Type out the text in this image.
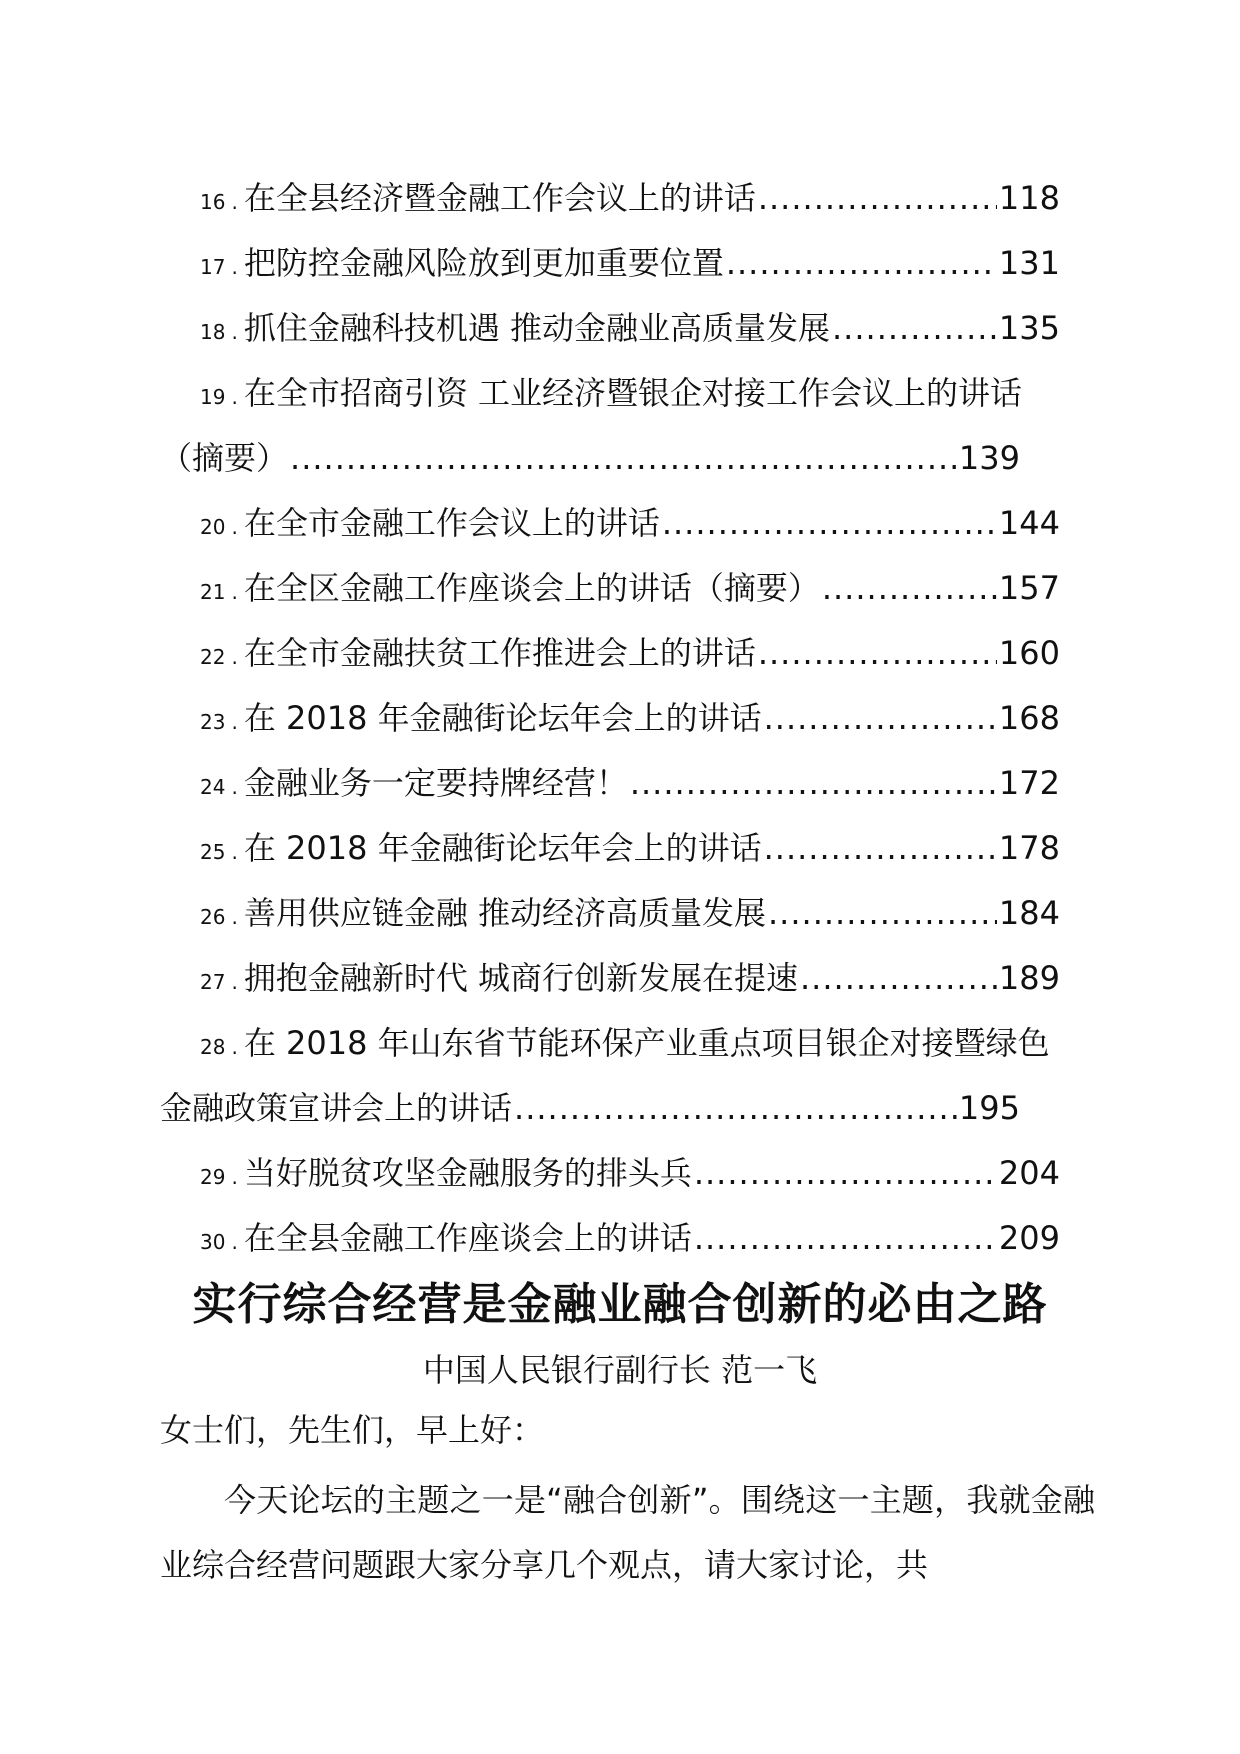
16 . 在全县经济暨金融工作会议上的讲话 .....	118
17 . 把防控金融风险放到更加重要位置 .....	131
18 . 抓住金融科技机遇 推动金融业高质量发展 .....	135
19 . 在全市招商引资 工业经济暨银企对接工作会议上的讲话
（摘要） .....	139
20 . 在全市金融工作会议上的讲话 .....	144
21 . 在全区金融工作座谈会上的讲话（摘要） .....	157
22 . 在全市金融扶贫工作推进会上的讲话 .....	160
23 . 在 2018 年金融街论坛年会上的讲话 .....	168
24 . 金融业务一定要持牌经营！ .....	172
25 . 在 2018 年金融街论坛年会上的讲话 .....	178
26 . 善用供应链金融 推动经济高质量发展 .....	184
27 . 拥抱金融新时代 城商行创新发展在提速 .....	189
28 . 在 2018 年山东省节能环保产业重点项目银企对接暨绿色
金融政策宣讲会上的讲话 .....	195
29 . 当好脱贫攻坚金融服务的排头兵 .....	204
30 . 在全县金融工作座谈会上的讲话 .....	209
实行综合经营是金融业融合创新的必由之路
中国人民银行副行长 范一飞
女士们，先生们，早上好：
今天论坛的主题之一是“融合创新”。围绕这一主题，我就金融业综合经营问题跟大家分享几个观点，请大家讨论，共
